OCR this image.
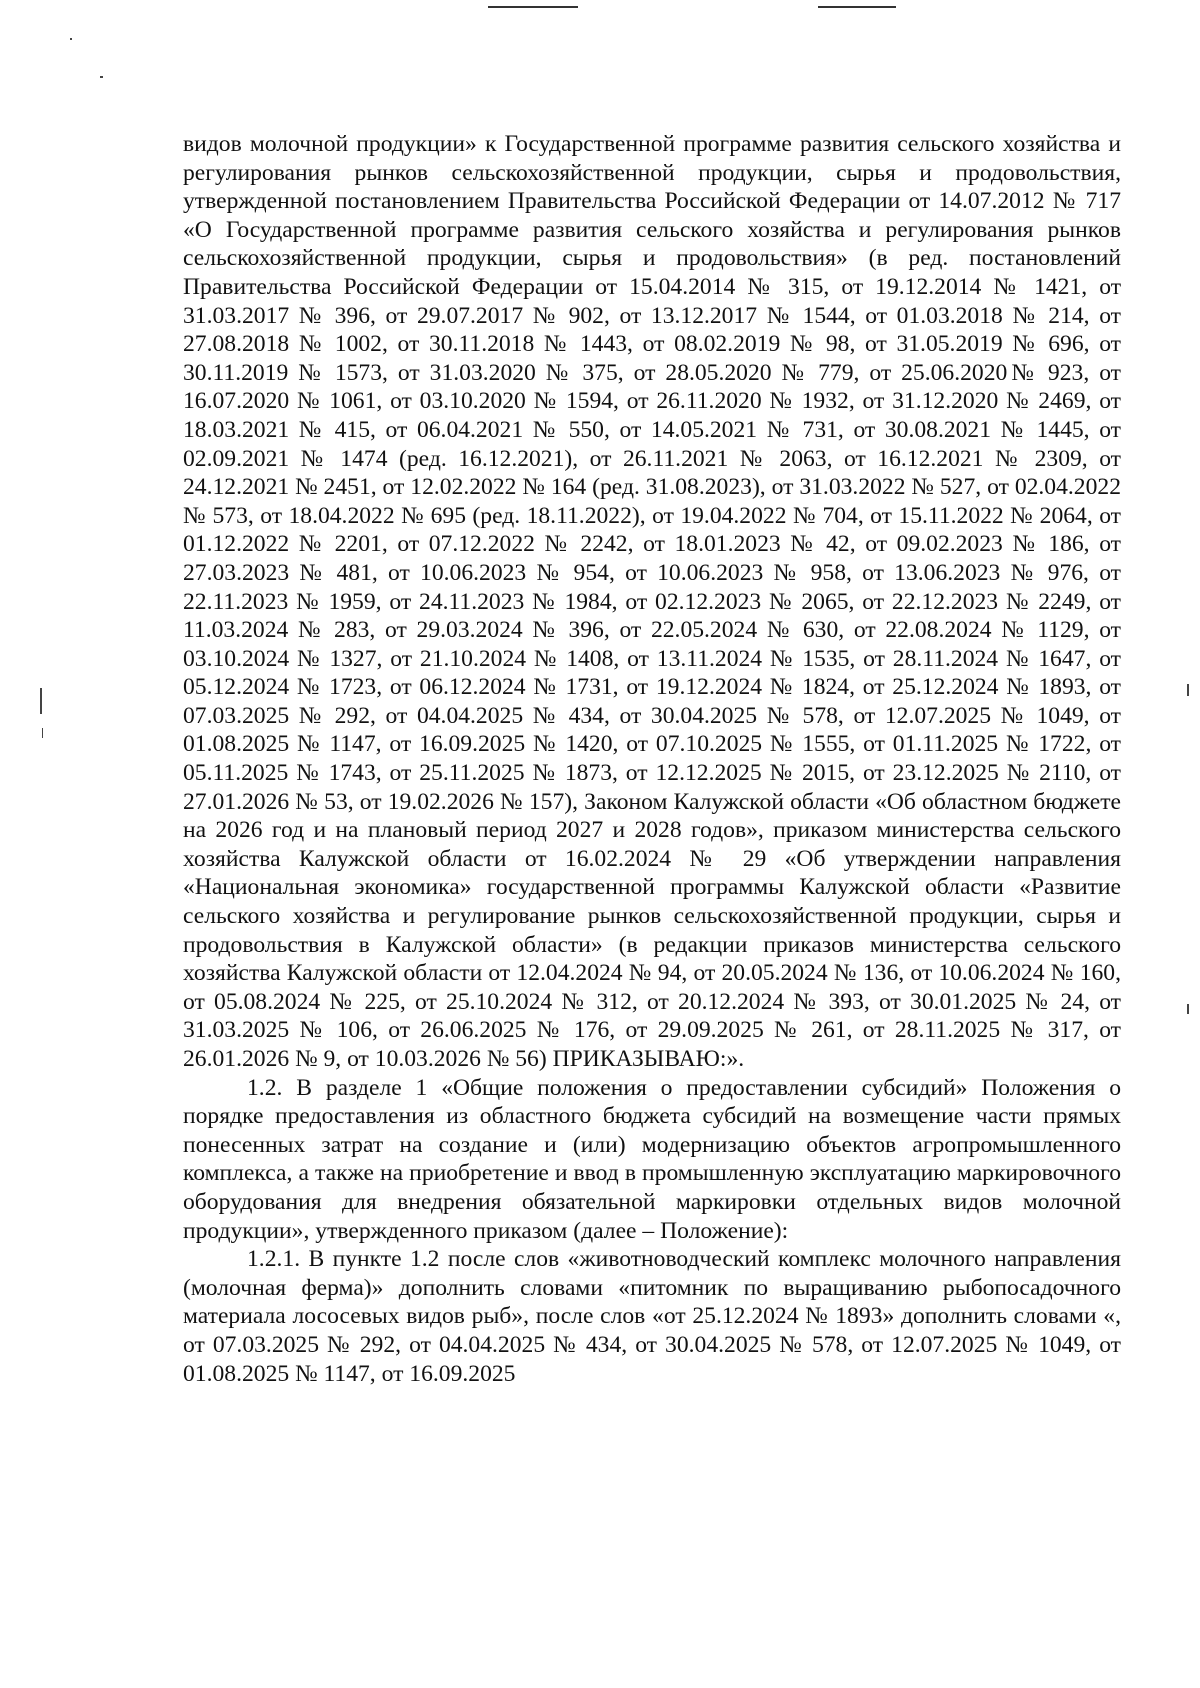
видов молочной продукции» к Государственной программе развития сельского хозяйства и регулирования рынков сельскохозяйственной продукции, сырья и продовольствия, утвержденной постановлением Правительства Российской Федерации от 14.07.2012 № 717 «О Государственной программе развития сельского хозяйства и регулирования рынков сельскохозяйственной продукции, сырья и продовольствия» (в ред. постановлений Правительства Российской Федерации от 15.04.2014 № 315, от 19.12.2014 № 1421, от 31.03.2017 № 396, от 29.07.2017 № 902, от 13.12.2017 № 1544, от 01.03.2018 № 214, от 27.08.2018 № 1002, от 30.11.2018 № 1443, от 08.02.2019 № 98, от 31.05.2019 № 696, от 30.11.2019 № 1573, от 31.03.2020 № 375, от 28.05.2020 № 779, от 25.06.2020№ 923, от 16.07.2020 № 1061, от 03.10.2020 № 1594, от 26.11.2020 № 1932, от 31.12.2020 № 2469, от 18.03.2021 № 415, от 06.04.2021 № 550, от 14.05.2021 № 731, от 30.08.2021 № 1445, от 02.09.2021 № 1474 (ред. 16.12.2021), от 26.11.2021 № 2063, от 16.12.2021 № 2309, от 24.12.2021 № 2451, от 12.02.2022 № 164 (ред. 31.08.2023), от 31.03.2022 № 527, от 02.04.2022 № 573, от 18.04.2022 № 695 (ред. 18.11.2022), от 19.04.2022 № 704, от 15.11.2022 № 2064, от 01.12.2022 № 2201, от 07.12.2022 № 2242, от 18.01.2023 № 42, от 09.02.2023 № 186, от 27.03.2023 № 481, от 10.06.2023 № 954, от 10.06.2023 № 958, от 13.06.2023 № 976, от 22.11.2023 № 1959, от 24.11.2023 № 1984, от 02.12.2023 № 2065, от 22.12.2023 № 2249, от 11.03.2024 № 283, от 29.03.2024 № 396, от 22.05.2024 № 630, от 22.08.2024 № 1129, от 03.10.2024 № 1327, от 21.10.2024 № 1408, от 13.11.2024 № 1535, от 28.11.2024 № 1647, от 05.12.2024 № 1723, от 06.12.2024 № 1731, от 19.12.2024 № 1824, от 25.12.2024 № 1893, от 07.03.2025 № 292, от 04.04.2025 № 434, от 30.04.2025 № 578, от 12.07.2025 № 1049, от 01.08.2025 № 1147, от 16.09.2025 № 1420, от 07.10.2025 № 1555, от 01.11.2025 № 1722, от 05.11.2025 № 1743, от 25.11.2025 № 1873, от 12.12.2025 № 2015, от 23.12.2025 № 2110, от 27.01.2026 № 53, от 19.02.2026 № 157), Законом Калужской области «Об областном бюджете на 2026 год и на плановый период 2027 и 2028 годов», приказом министерства сельского хозяйства Калужской области от 16.02.2024 № 29 «Об утверждении направления «Национальная экономика» государственной программы Калужской области «Развитие сельского хозяйства и регулирование рынков сельскохозяйственной продукции, сырья и продовольствия в Калужской области» (в редакции приказов министерства сельского хозяйства Калужской области от 12.04.2024 № 94, от 20.05.2024 № 136, от 10.06.2024 № 160, от 05.08.2024 № 225, от 25.10.2024 № 312, от 20.12.2024 № 393, от 30.01.2025 № 24, от 31.03.2025 № 106, от 26.06.2025 № 176, от 29.09.2025 № 261, от 28.11.2025 № 317, от 26.01.2026 № 9, от 10.03.2026 № 56) ПРИКАЗЫВАЮ:».

1.2. В разделе 1 «Общие положения о предоставлении субсидий» Положения о порядке предоставления из областного бюджета субсидий на возмещение части прямых понесенных затрат на создание и (или) модернизацию объектов агропромышленного комплекса, а также на приобретение и ввод в промышленную эксплуатацию маркировочного оборудования для внедрения обязательной маркировки отдельных видов молочной продукции», утвержденного приказом (далее – Положение):

1.2.1. В пункте 1.2 после слов «животноводческий комплекс молочного направления (молочная ферма)» дополнить словами «питомник по выращиванию рыбопосадочного материала лососевых видов рыб», после слов «от 25.12.2024 № 1893» дополнить словами «, от 07.03.2025 № 292, от 04.04.2025 № 434, от 30.04.2025 № 578, от 12.07.2025 № 1049, от 01.08.2025 № 1147, от 16.09.2025
